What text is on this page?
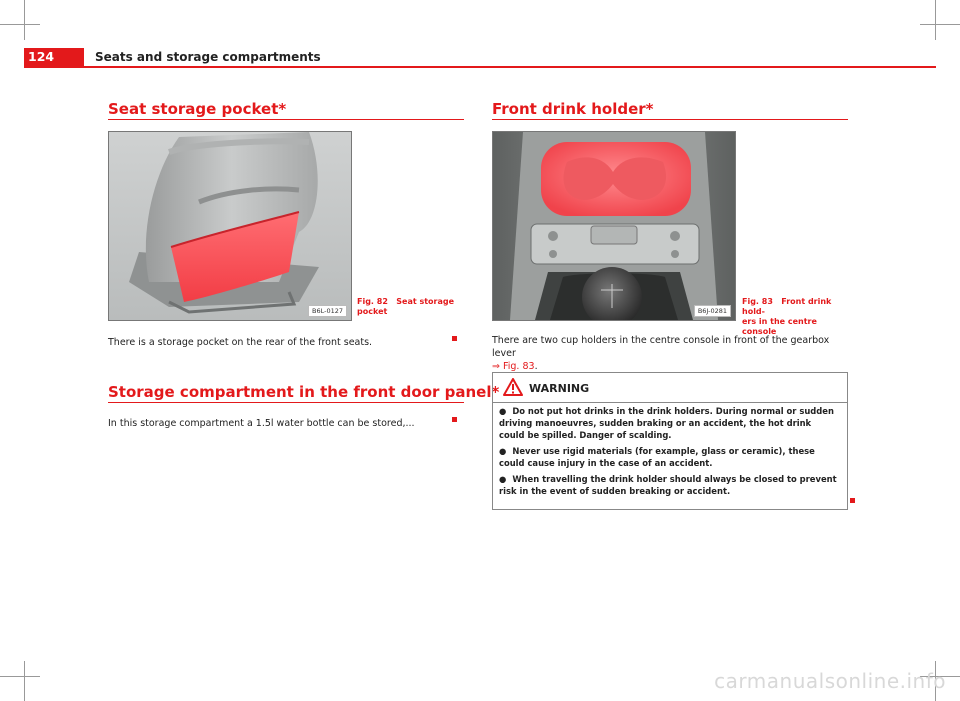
124	Seats and storage compartments
Seat storage pocket*
B6L-0127
Fig. 82 Seat storage
pocket
There is a storage pocket on the rear of the front seats.
Storage compartment in the front door panel*
In this storage compartment a 1.5l water bottle can be stored,...
Front drink holder*
B6J-0281
Fig. 83 Front drink hold-
ers in the centre console
There are two cup holders in the centre console in front of the gearbox lever
⇒ Fig. 83.
WARNING
● Do not put hot drinks in the drink holders. During normal or sudden driving manoeuvres, sudden braking or an accident, the hot drink could be spilled. Danger of scalding.
● Never use rigid materials (for example, glass or ceramic), these could cause injury in the case of an accident.
● When travelling the drink holder should always be closed to prevent risk in the event of sudden breaking or accident.
carmanualsonline.info
